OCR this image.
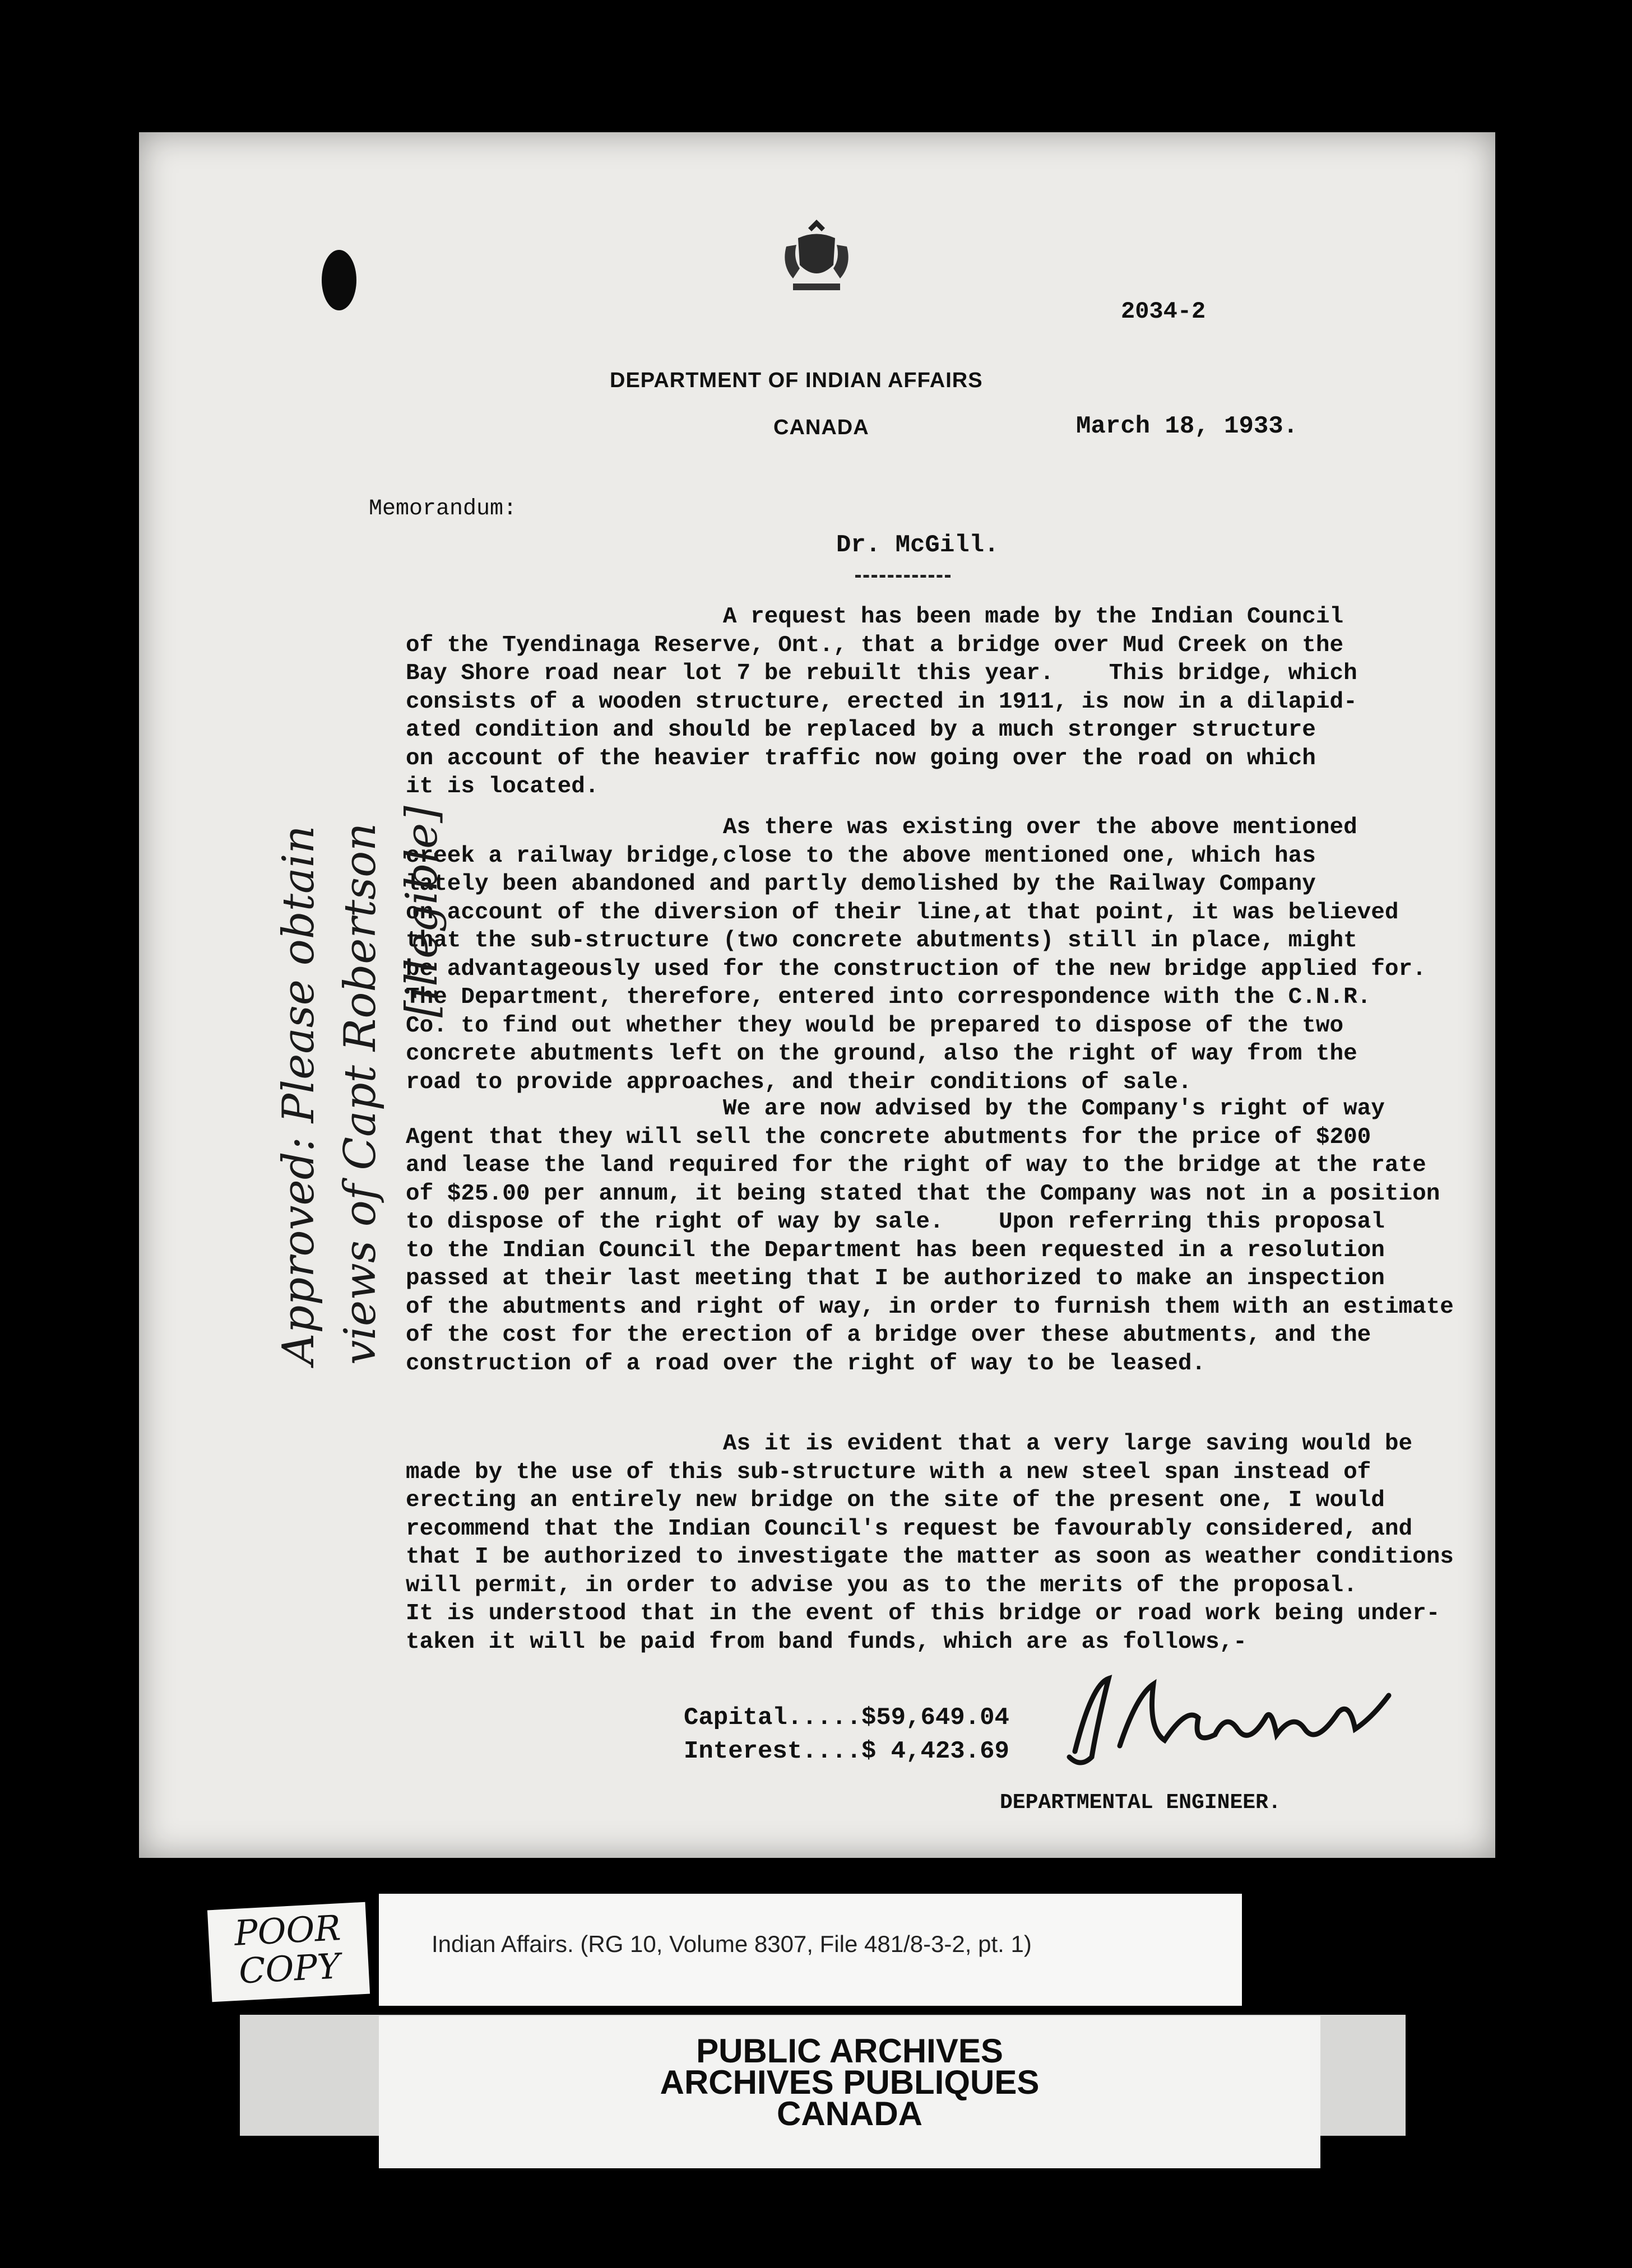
2034-2
DEPARTMENT OF INDIAN AFFAIRS
CANADA	March 18, 1933.
Memorandum:
Dr. McGill.

A request has been made by the Indian Council
of the Tyendinaga Reserve, Ont., that a bridge over Mud Creek on the
Bay Shore road near lot 7 be rebuilt this year.    This bridge, which
consists of a wooden structure, erected in 1911, is now in a dilapid-
ated condition and should be replaced by a much stronger structure
on account of the heavier traffic now going over the road on which
it is located.

As there was existing over the above mentioned
creek a railway bridge,close to the above mentioned one, which has
lately been abandoned and partly demolished by the Railway Company
on account of the diversion of their line,at that point, it was believed
that the sub-structure (two concrete abutments) still in place, might
be advantageously used for the construction of the new bridge applied for.
The Department, therefore, entered into correspondence with the C.N.R.
Co. to find out whether they would be prepared to dispose of the two
concrete abutments left on the ground, also the right of way from the
road to provide approaches, and their conditions of sale.

We are now advised by the Company's right of way
Agent that they will sell the concrete abutments for the price of $200
and lease the land required for the right of way to the bridge at the rate
of $25.00 per annum, it being stated that the Company was not in a position
to dispose of the right of way by sale.    Upon referring this proposal
to the Indian Council the Department has been requested in a resolution
passed at their last meeting that I be authorized to make an inspection
of the abutments and right of way, in order to furnish them with an estimate
of the cost for the erection of a bridge over these abutments, and the
construction of a road over the right of way to be leased.

As it is evident that a very large saving would be
made by the use of this sub-structure with a new steel span instead of
erecting an entirely new bridge on the site of the present one, I would
recommend that the Indian Council's request be favourably considered, and
that I be authorized to investigate the matter as soon as weather conditions
will permit, in order to advise you as to the merits of the proposal.
It is understood that in the event of this bridge or road work being under-
taken it will be paid from band funds, which are as follows,-

Capital.....$59,649.04
Interest....$ 4,423.69
DEPARTMENTAL ENGINEER.
Approved: Please obtain
views of Capt Robertson
[illegible]
POOR COPY
Indian Affairs. (RG 10, Volume 8307, File 481/8-3-2, pt. 1)
PUBLIC ARCHIVES
ARCHIVES PUBLIQUES
CANADA
